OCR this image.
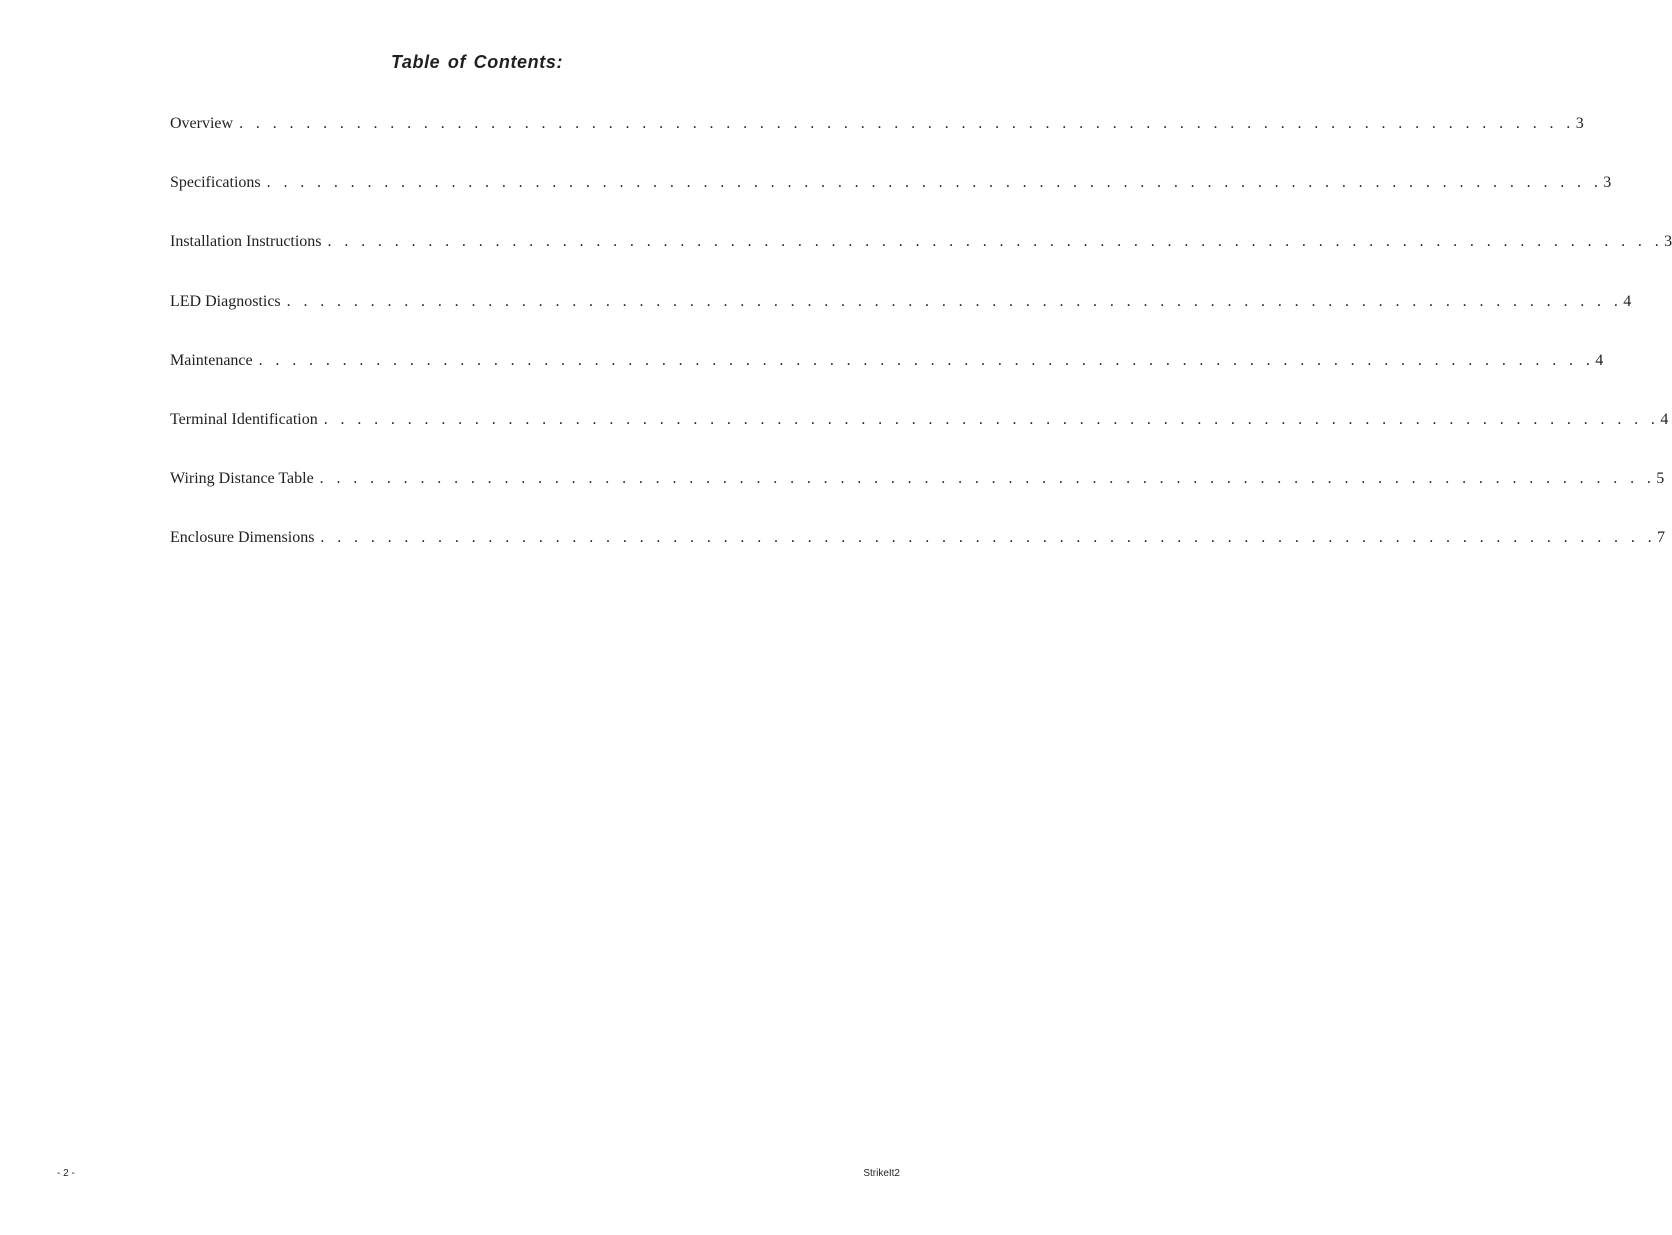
Table of Contents:
Overview . . . . . . . . . . . . . . . . . . . . . . . . . . . . . . . . . . . . . . . . . . . . . . . . . . . . . . . . . . . . . . . . . . . . . . . . . . . . . . . . 3
Specifications . . . . . . . . . . . . . . . . . . . . . . . . . . . . . . . . . . . . . . . . . . . . . . . . . . . . . . . . . . . . . . . . . . . . . . . . . . . . . . . . 3
Installation Instructions . . . . . . . . . . . . . . . . . . . . . . . . . . . . . . . . . . . . . . . . . . . . . . . . . . . . . . . . . . . . . . . . . . . . . . . . . . . . . . . . 3
LED Diagnostics . . . . . . . . . . . . . . . . . . . . . . . . . . . . . . . . . . . . . . . . . . . . . . . . . . . . . . . . . . . . . . . . . . . . . . . . . . . . . . . . 4
Maintenance . . . . . . . . . . . . . . . . . . . . . . . . . . . . . . . . . . . . . . . . . . . . . . . . . . . . . . . . . . . . . . . . . . . . . . . . . . . . . . . . 4
Terminal Identification . . . . . . . . . . . . . . . . . . . . . . . . . . . . . . . . . . . . . . . . . . . . . . . . . . . . . . . . . . . . . . . . . . . . . . . . . . . . . . . . 4
Wiring Distance Table . . . . . . . . . . . . . . . . . . . . . . . . . . . . . . . . . . . . . . . . . . . . . . . . . . . . . . . . . . . . . . . . . . . . . . . . . . . . . . . . 5
Enclosure Dimensions . . . . . . . . . . . . . . . . . . . . . . . . . . . . . . . . . . . . . . . . . . . . . . . . . . . . . . . . . . . . . . . . . . . . . . . . . . . . . . . . 7
- 2 -	StrikeIt2
